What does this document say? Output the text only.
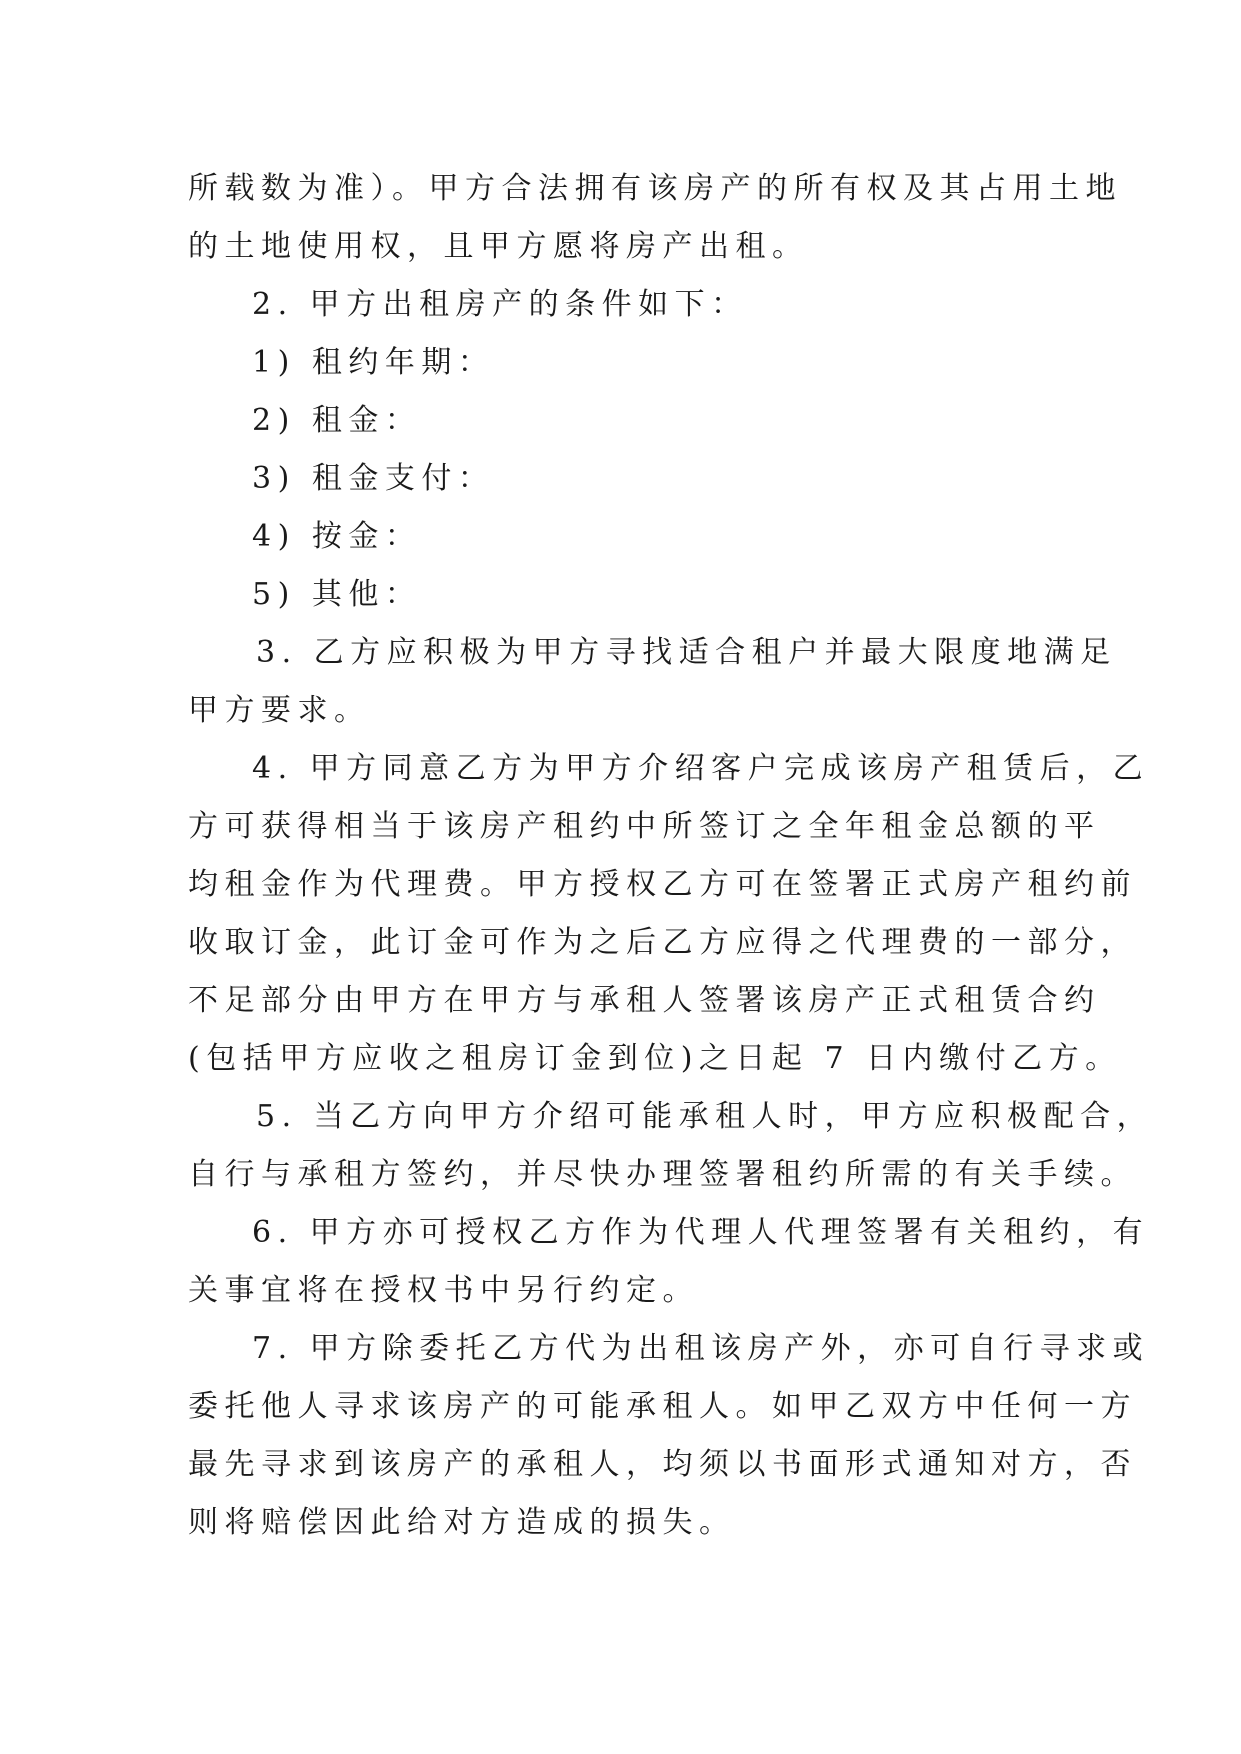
所载数为准）。甲方合法拥有该房产的所有权及其占用土地
的土地使用权，且甲方愿将房产出租。
2. 甲方出租房产的条件如下：
1) 租约年期：
2) 租金：
3) 租金支付：
4) 按金：
5) 其他：
3. 乙方应积极为甲方寻找适合租户并最大限度地满足
甲方要求。
4. 甲方同意乙方为甲方介绍客户完成该房产租赁后，乙
方可获得相当于该房产租约中所签订之全年租金总额的平
均租金作为代理费。甲方授权乙方可在签署正式房产租约前
收取订金，此订金可作为之后乙方应得之代理费的一部分，
不足部分由甲方在甲方与承租人签署该房产正式租赁合约
(包括甲方应收之租房订金到位)之日起 7 日内缴付乙方。
5. 当乙方向甲方介绍可能承租人时，甲方应积极配合，
自行与承租方签约，并尽快办理签署租约所需的有关手续。
6. 甲方亦可授权乙方作为代理人代理签署有关租约，有
关事宜将在授权书中另行约定。
7. 甲方除委托乙方代为出租该房产外，亦可自行寻求或
委托他人寻求该房产的可能承租人。如甲乙双方中任何一方
最先寻求到该房产的承租人，均须以书面形式通知对方，否
则将赔偿因此给对方造成的损失。
